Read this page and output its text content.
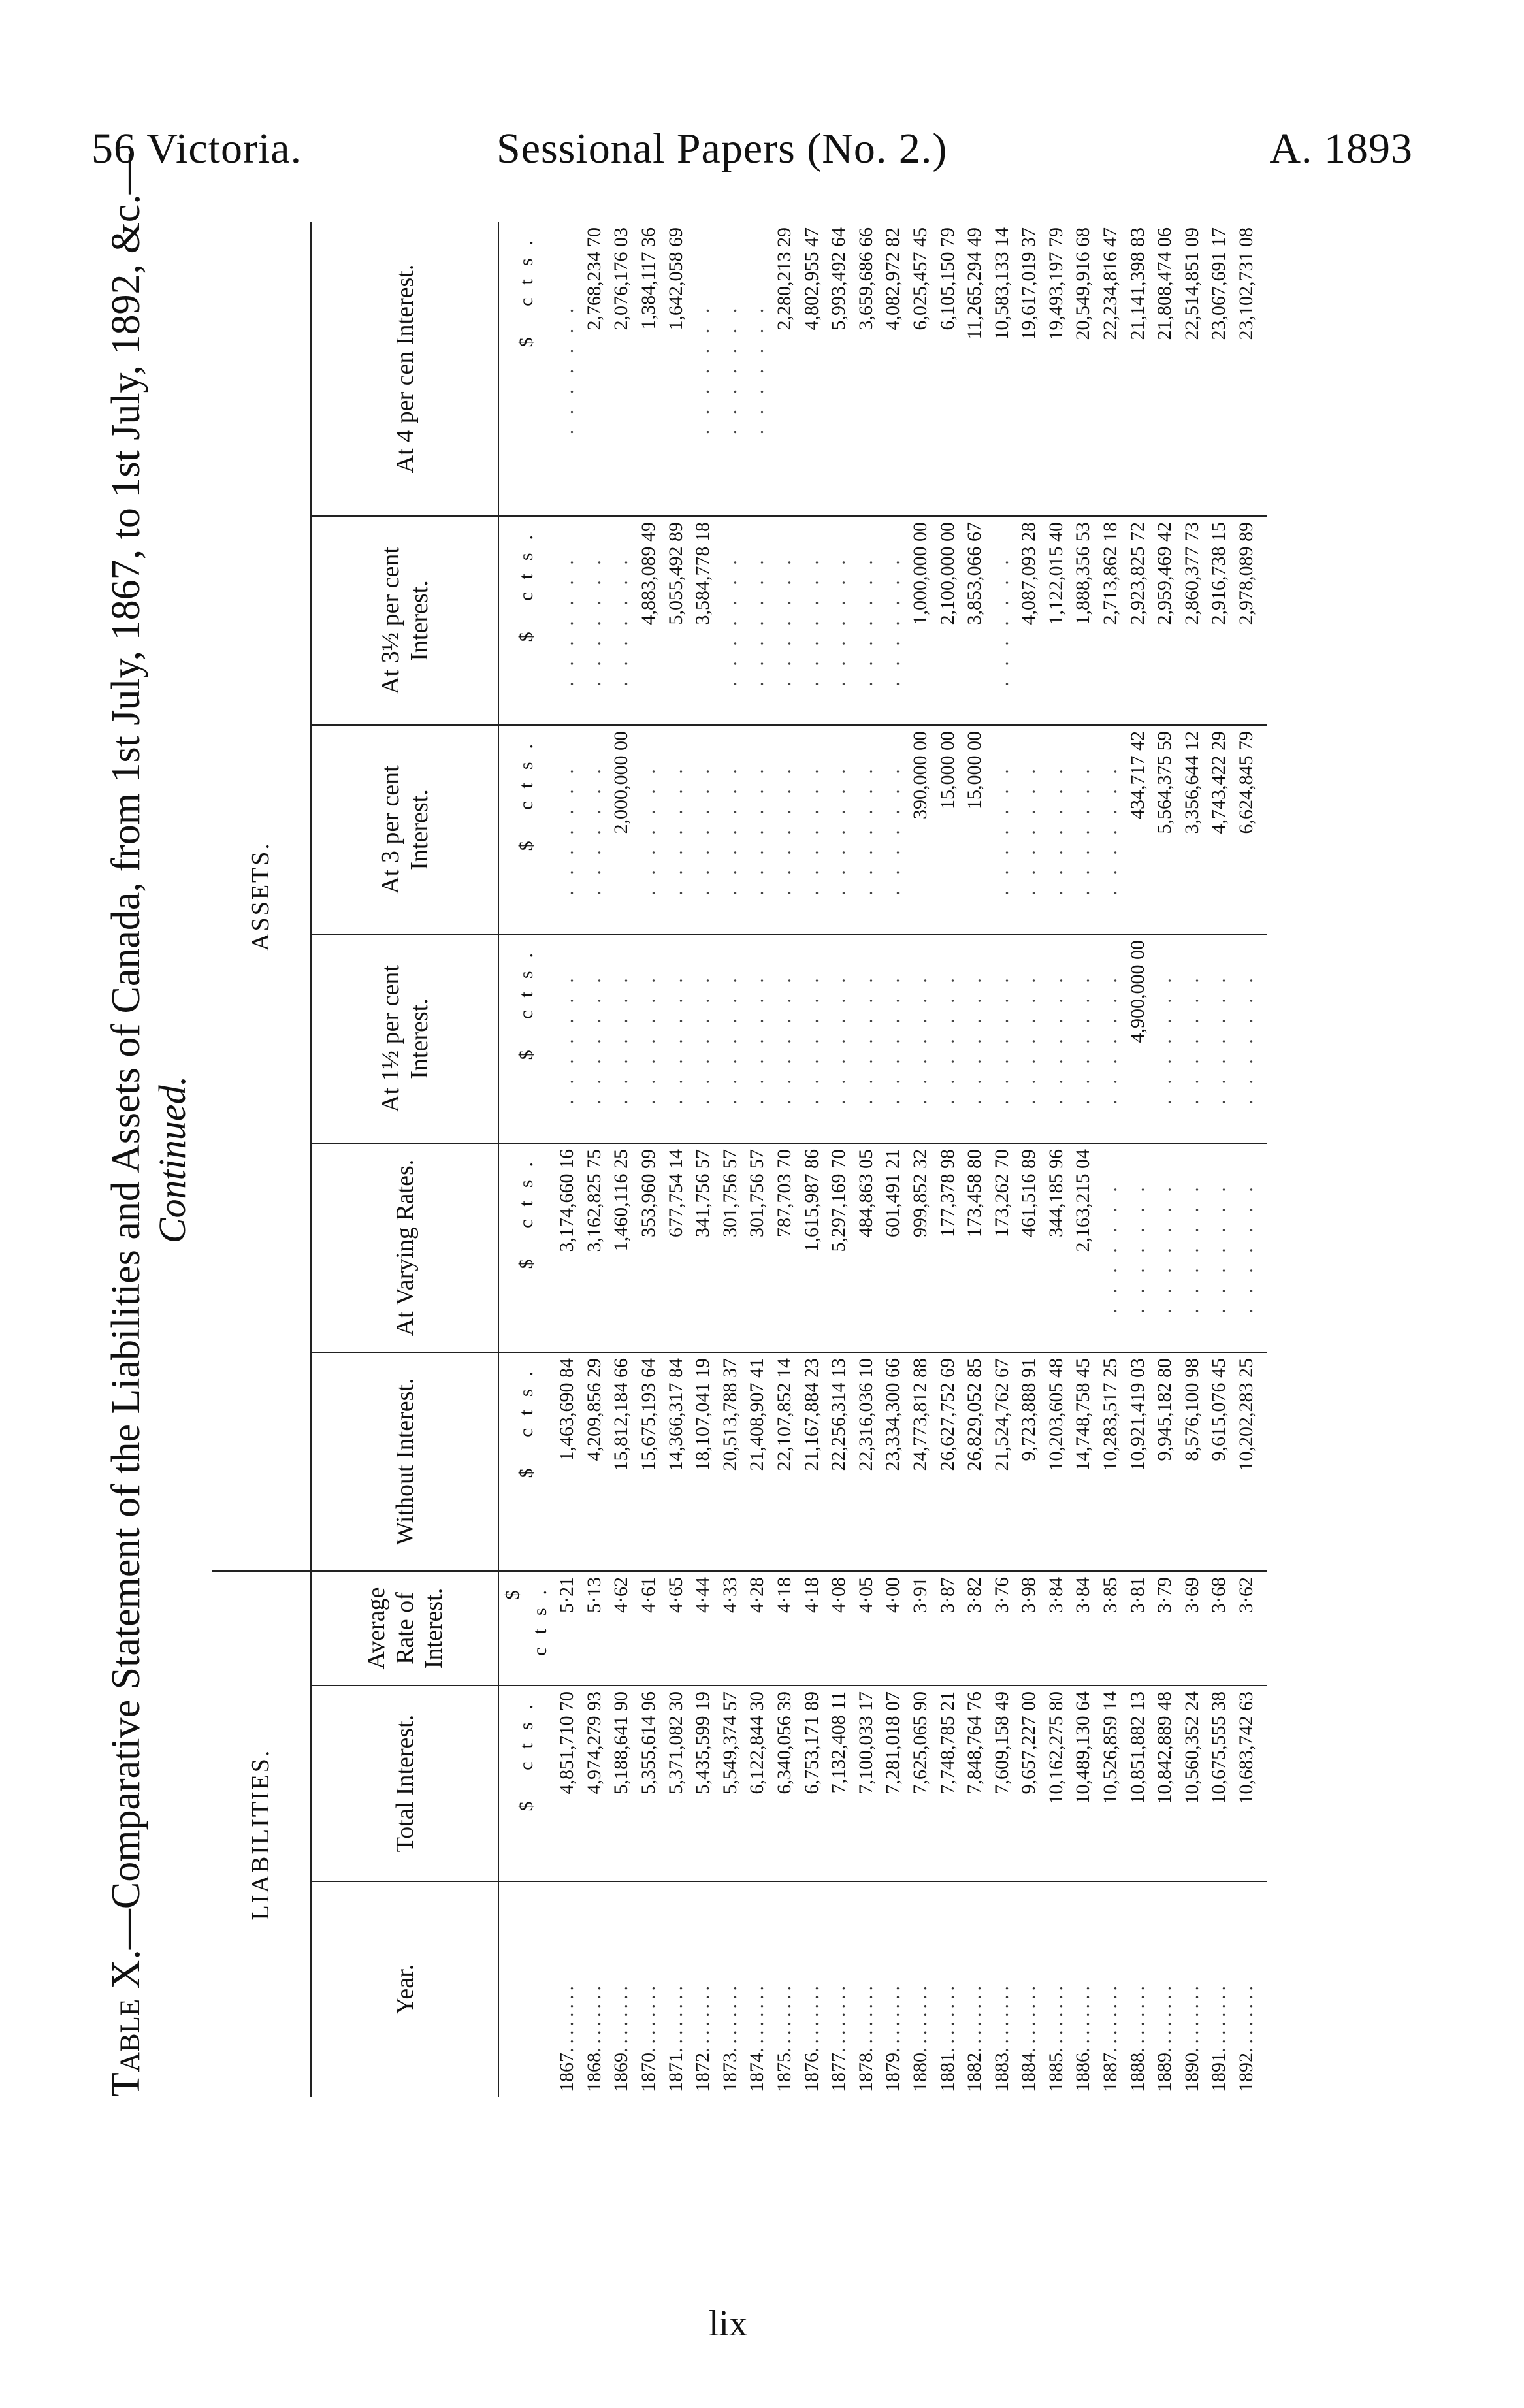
56 Victoria.	Sessional Papers (No. 2.)	A. 1893
Table X.—Comparative Statement of the Liabilities and Assets of Canada, from 1st July, 1867, to 1st July, 1892, &c.— Continued.
LIABILITIES.			ASSETS.					
Year.	Total Interest.	Average Rate of Interest.	Without Interest.	At Varying Rates.	At 1½ per cent Interest.	At 3 per cent Interest.	At 3½ per cent Interest.	At 4 per cen Interest.
	$ cts.	$ cts.	$ cts.	$ cts.	$ cts.	$ cts.	$ cts.	$ cts.
1867........	4,851,710 70	5·21	1,463,690 84	3,174,660 16	. . . . . . .	. . . . . . .	. . . . . . .	. . . . . . .
1868........	4,974,279 93	5·13	4,209,856 29	3,162,825 75	. . . . . . .	. . . . . . .	. . . . . . .	2,768,234 70
1869........	5,188,641 90	4·62	15,812,184 66	1,460,116 25	. . . . . . .	2,000,000 00	. . . . . . .	2,076,176 03
1870........	5,355,614 96	4·61	15,675,193 64	353,960 99	. . . . . . .	. . . . . . .	4,883,089 49	1,384,117 36
1871........	5,371,082 30	4·65	14,366,317 84	677,754 14	. . . . . . .	. . . . . . .	5,055,492 89	1,642,058 69
1872........	5,435,599 19	4·44	18,107,041 19	341,756 57	. . . . . . .	. . . . . . .	3,584,778 18	. . . . . . .
1873........	5,549,374 57	4·33	20,513,788 37	301,756 57	. . . . . . .	. . . . . . .	. . . . . . .	. . . . . . .
1874........	6,122,844 30	4·28	21,408,907 41	301,756 57	. . . . . . .	. . . . . . .	. . . . . . .	. . . . . . .
1875........	6,340,056 39	4·18	22,107,852 14	787,703 70	. . . . . . .	. . . . . . .	. . . . . . .	2,280,213 29
1876........	6,753,171 89	4·18	21,167,884 23	1,615,987 86	. . . . . . .	. . . . . . .	. . . . . . .	4,802,955 47
1877........	7,132,408 11	4·08	22,256,314 13	5,297,169 70	. . . . . . .	. . . . . . .	. . . . . . .	5,993,492 64
1878........	7,100,033 17	4·05	22,316,036 10	484,863 05	. . . . . . .	. . . . . . .	. . . . . . .	3,659,686 66
1879........	7,281,018 07	4·00	23,334,300 66	601,491 21	. . . . . . .	. . . . . . .	. . . . . . .	4,082,972 82
1880........	7,625,065 90	3·91	24,773,812 88	999,852 32	. . . . . . .	390,000 00	1,000,000 00	6,025,457 45
1881........	7,748,785 21	3·87	26,627,752 69	177,378 98	. . . . . . .	15,000 00	2,100,000 00	6,105,150 79
1882........	7,848,764 76	3·82	26,829,052 85	173,458 80	. . . . . . .	15,000 00	3,853,066 67	11,265,294 49
1883........	7,609,158 49	3·76	21,524,762 67	173,262 70	. . . . . . .	. . . . . . .	. . . . . . .	10,583,133 14
1884........	9,657,227 00	3·98	9,723,888 91	461,516 89	. . . . . . .	. . . . . . .	4,087,093 28	19,617,019 37
1885........	10,162,275 80	3·84	10,203,605 48	344,185 96	. . . . . . .	. . . . . . .	1,122,015 40	19,493,197 79
1886........	10,489,130 64	3·84	14,748,758 45	2,163,215 04	. . . . . . .	. . . . . . .	1,888,356 53	20,549,916 68
1887........	10,526,859 14	3·85	10,283,517 25	. . . . . . .	. . . . . . .	. . . . . . .	2,713,862 18	22,234,816 47
1888........	10,851,882 13	3·81	10,921,419 03	. . . . . . .	4,900,000 00	434,717 42	2,923,825 72	21,141,398 83
1889........	10,842,889 48	3·79	9,945,182 80	. . . . . . .	. . . . . . .	5,564,375 59	2,959,469 42	21,808,474 06
1890........	10,560,352 24	3·69	8,576,100 98	. . . . . . .	. . . . . . .	3,356,644 12	2,860,377 73	22,514,851 09
1891........	10,675,555 38	3·68	9,615,076 45	. . . . . . .	. . . . . . .	4,743,422 29	2,916,738 15	23,067,691 17
1892........	10,683,742 63	3·62	10,202,283 25	. . . . . . .	. . . . . . .	6,624,845 79	2,978,089 89	23,102,731 08
lix
